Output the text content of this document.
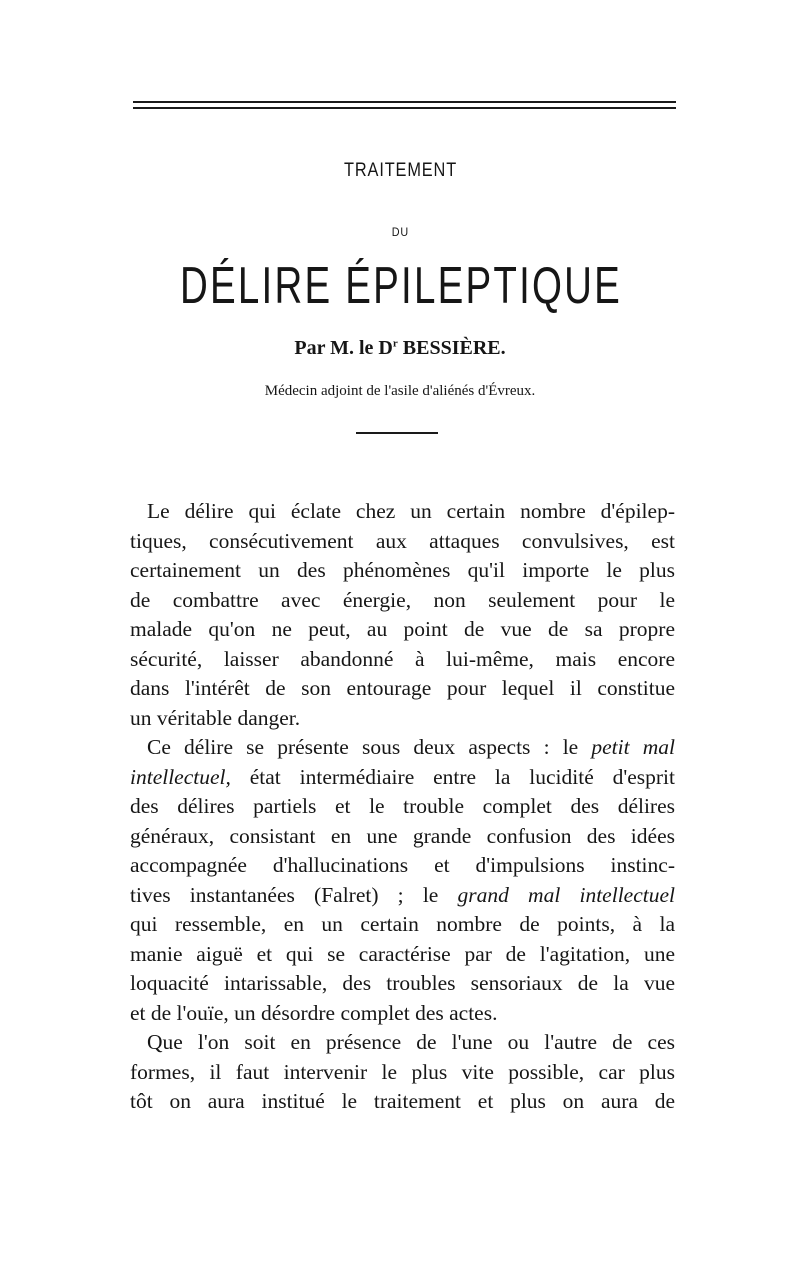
TRAITEMENT
DU
DÉLIRE ÉPILEPTIQUE
Par M. le $D^r$ BESSIÈRE.
Médecin adjoint de l'asile d'aliénés d'Évreux.
Le délire qui éclate chez un certain nombre d'épilep-
tiques, consécutivement aux attaques convulsives, est
certainement un des phénomènes qu'il importe le plus
de combattre avec énergie, non seulement pour le
malade qu'on ne peut, au point de vue de sa propre
sécurité, laisser abandonné à lui-même, mais encore
dans l'intérêt de son entourage pour lequel il constitue
un véritable danger.
Ce délire se présente sous deux aspects : le petit mal
intellectuel, état intermédiaire entre la lucidité d'esprit
des délires partiels et le trouble complet des délires
généraux, consistant en une grande confusion des idées
accompagnée d'hallucinations et d'impulsions instinc-
tives instantanées (Falret) ; le grand mal intellectuel
qui ressemble, en un certain nombre de points, à la
manie aiguë et qui se caractérise par de l'agitation, une
loquacité intarissable, des troubles sensoriaux de la vue
et de l'ouïe, un désordre complet des actes.
Que l'on soit en présence de l'une ou l'autre de ces
formes, il faut intervenir le plus vite possible, car plus
tôt on aura institué le traitement et plus on aura de
